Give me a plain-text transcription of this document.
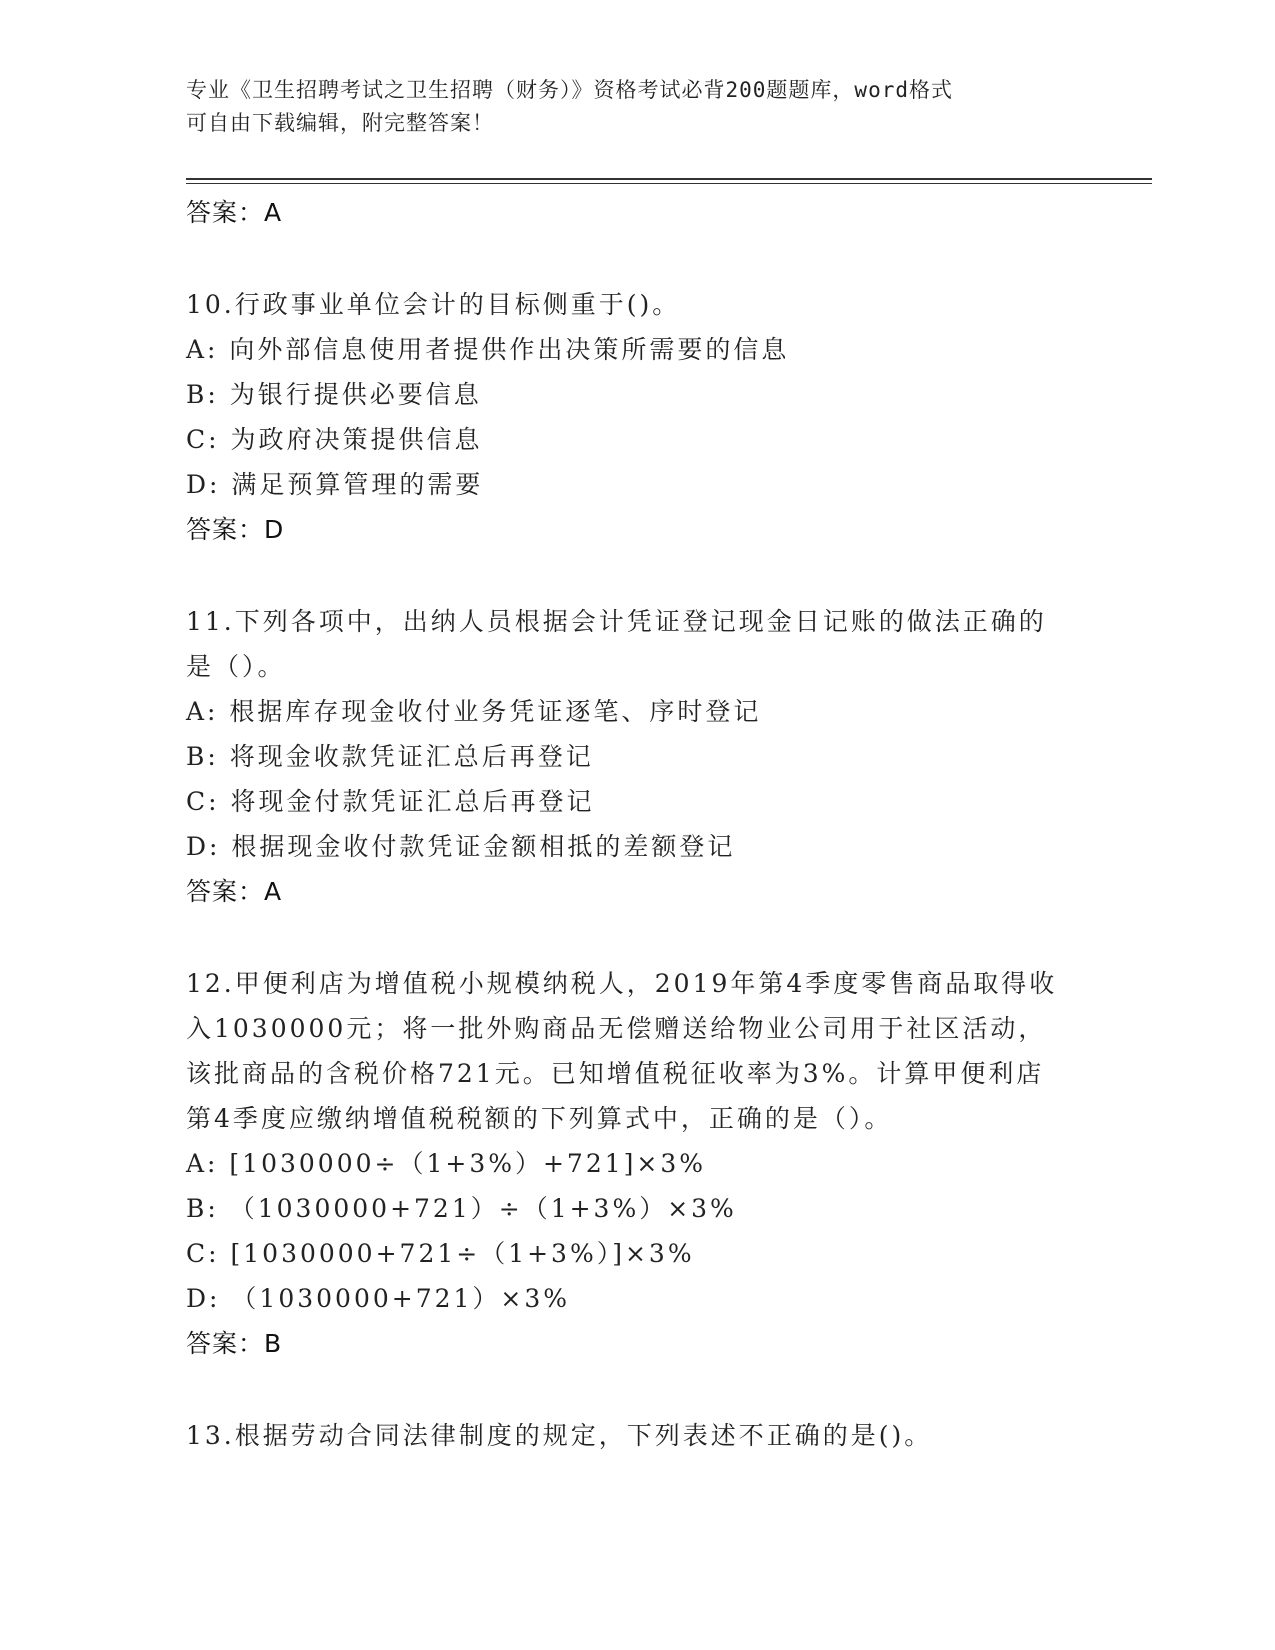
专业《卫生招聘考试之卫生招聘（财务）》资格考试必背200题题库，word格式
可自由下载编辑，附完整答案！
答案：A
10.行政事业单位会计的目标侧重于()。
A: 向外部信息使用者提供作出决策所需要的信息
B: 为银行提供必要信息
C: 为政府决策提供信息
D: 满足预算管理的需要
答案：D
11.下列各项中，出纳人员根据会计凭证登记现金日记账的做法正确的
是（）。
A: 根据库存现金收付业务凭证逐笔、序时登记
B: 将现金收款凭证汇总后再登记
C: 将现金付款凭证汇总后再登记
D: 根据现金收付款凭证金额相抵的差额登记
答案：A
12.甲便利店为增值税小规模纳税人，2019年第4季度零售商品取得收
入1030000元；将一批外购商品无偿赠送给物业公司用于社区活动，
该批商品的含税价格721元。已知增值税征收率为3%。计算甲便利店
第4季度应缴纳增值税税额的下列算式中，正确的是（）。
A: [1030000÷（1+3%）+721]×3%
B: （1030000+721）÷（1+3%）×3%
C: [1030000+721÷（1+3%）]×3%
D: （1030000+721）×3%
答案：B
13.根据劳动合同法律制度的规定，下列表述不正确的是()。
